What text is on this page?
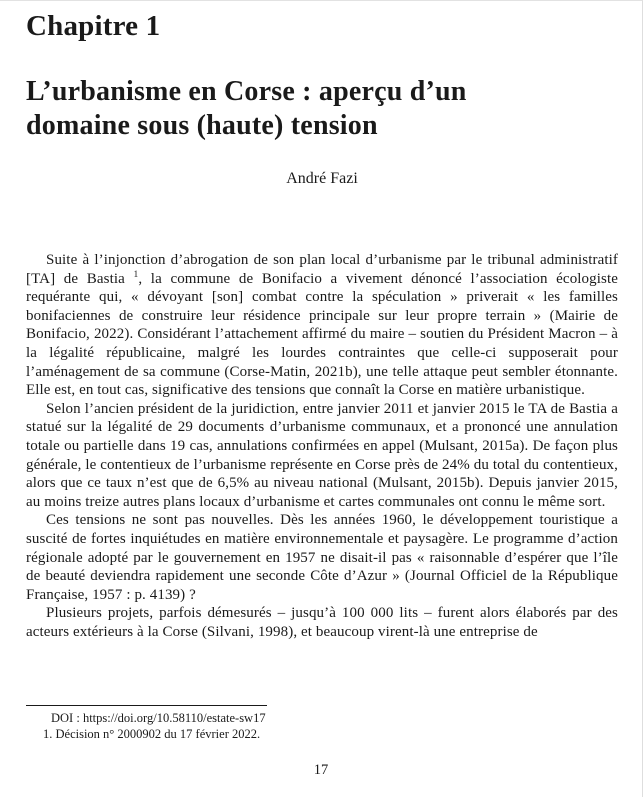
Chapitre 1
L’urbanisme en Corse : aperçu d’un domaine sous (haute) tension
André Fazi

Suite à l’injonction d’abrogation de son plan local d’urbanisme par le tribunal administratif [TA] de Bastia $^1$, la commune de Bonifacio a vivement dénoncé l’association écologiste requérante qui, « dévoyant [son] combat contre la spéculation » priverait « les familles bonifaciennes de construire leur résidence principale sur leur propre terrain » (Mairie de Bonifacio, 2022). Considérant l’attachement affirmé du maire – soutien du Président Macron – à la légalité républicaine, malgré les lourdes contraintes que celle-ci supposerait pour l’aménagement de sa commune (Corse-Matin, 2021b), une telle attaque peut sembler étonnante. Elle est, en tout cas, significative des tensions que connaît la Corse en matière urbanistique.

Selon l’ancien président de la juridiction, entre janvier 2011 et janvier 2015 le TA de Bastia a statué sur la légalité de 29 documents d’urbanisme communaux, et a prononcé une annulation totale ou partielle dans 19 cas, annulations confirmées en appel (Mulsant, 2015a). De façon plus générale, le contentieux de l’urbanisme représente en Corse près de 24% du total du contentieux, alors que ce taux n’est que de 6,5% au niveau national (Mulsant, 2015b). Depuis janvier 2015, au moins treize autres plans locaux d’urbanisme et cartes communales ont connu le même sort.

Ces tensions ne sont pas nouvelles. Dès les années 1960, le développement touristique a suscité de fortes inquiétudes en matière environnementale et paysagère. Le programme d’action régionale adopté par le gouvernement en 1957 ne disait-il pas « raisonnable d’espérer que l’île de beauté deviendra rapidement une seconde Côte d’Azur » (Journal Officiel de la République Française, 1957 : p. 4139) ?

Plusieurs projets, parfois démesurés – jusqu’à 100 000 lits – furent alors élaborés par des acteurs extérieurs à la Corse (Silvani, 1998), et beaucoup virent-là une entreprise de

DOI : https://doi.org/10.58110/estate-sw17
1. Décision n° 2000902 du 17 février 2022.
17
